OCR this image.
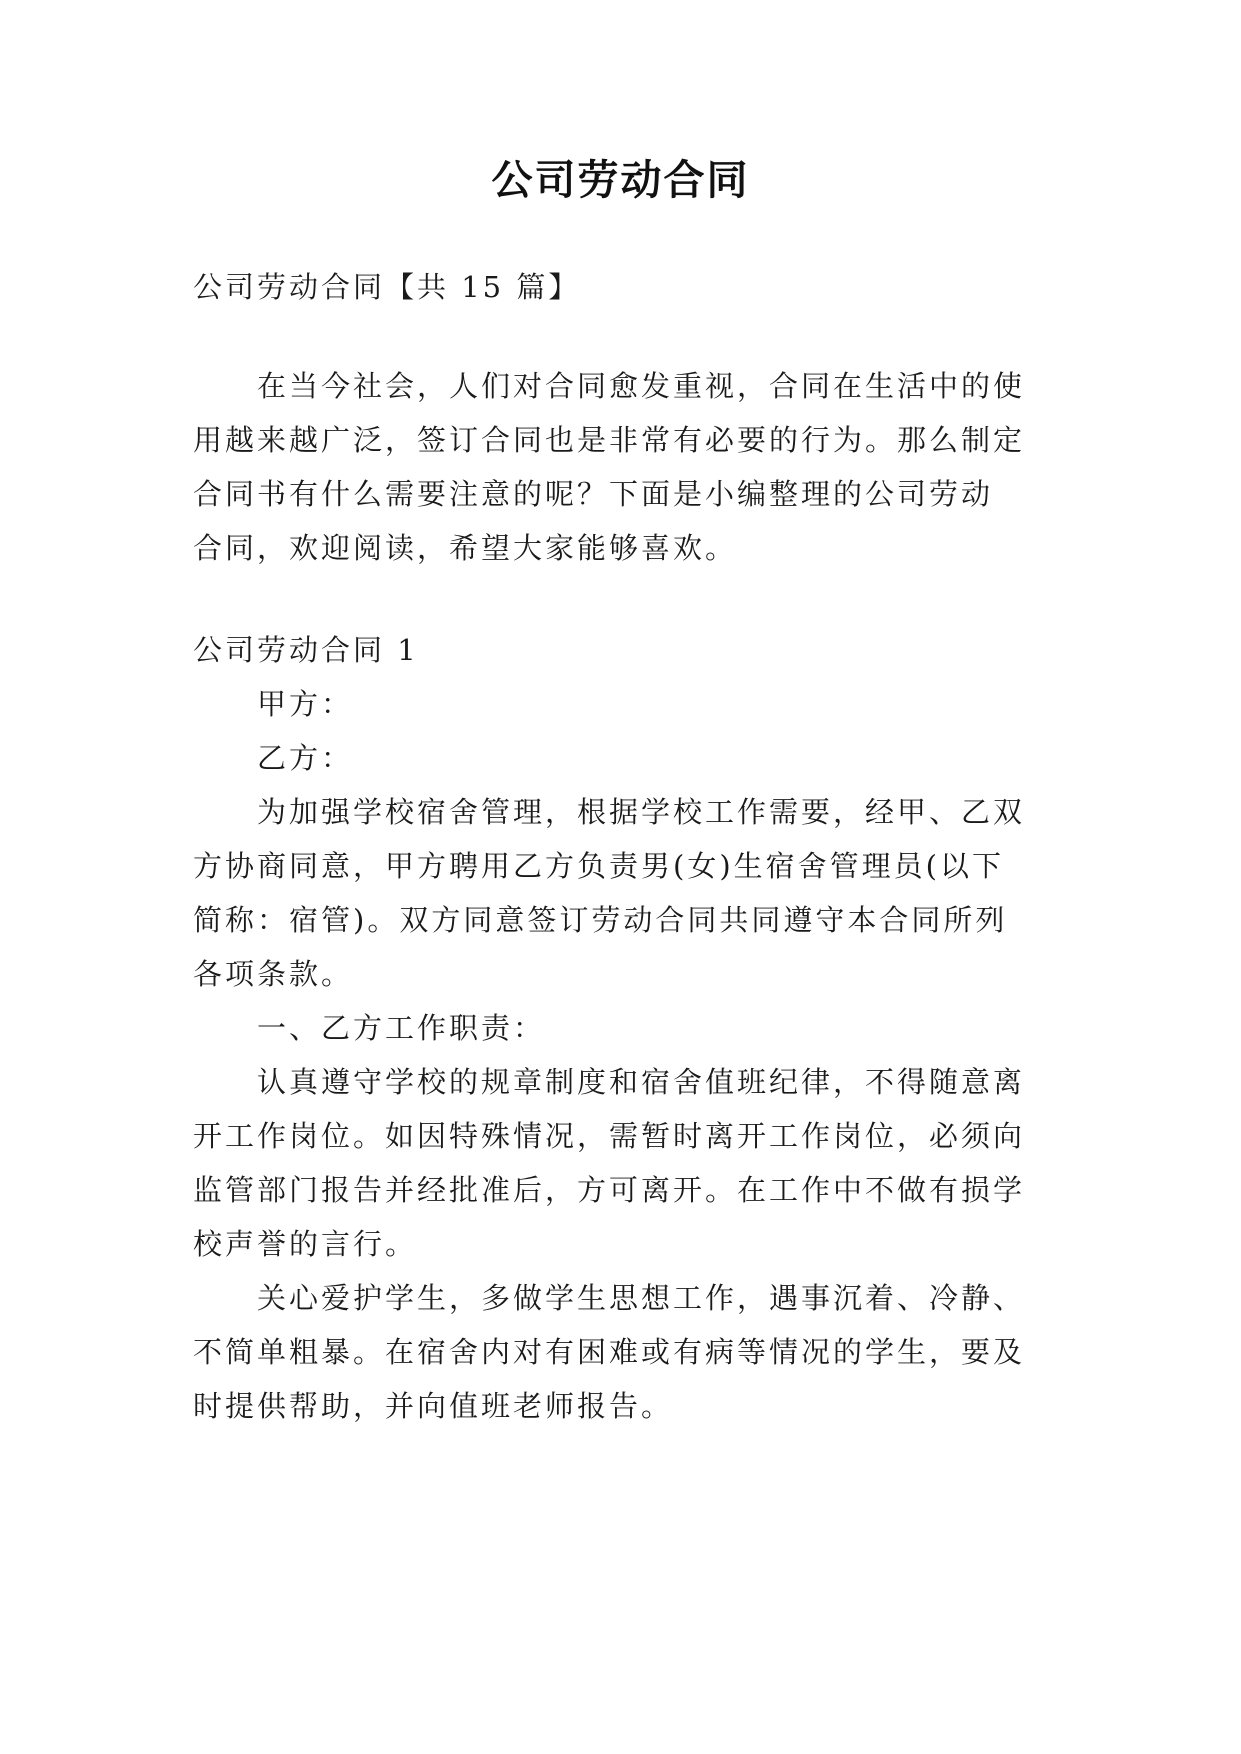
公司劳动合同
公司劳动合同【共 15 篇】
在当今社会，人们对合同愈发重视，合同在生活中的使
用越来越广泛，签订合同也是非常有必要的行为。那么制定
合同书有什么需要注意的呢？下面是小编整理的公司劳动
合同，欢迎阅读，希望大家能够喜欢。
公司劳动合同 1
甲方：
乙方：
为加强学校宿舍管理，根据学校工作需要，经甲、乙双
方协商同意，甲方聘用乙方负责男(女)生宿舍管理员(以下
简称：宿管)。双方同意签订劳动合同共同遵守本合同所列
各项条款。
一、乙方工作职责：
认真遵守学校的规章制度和宿舍值班纪律，不得随意离
开工作岗位。如因特殊情况，需暂时离开工作岗位，必须向
监管部门报告并经批准后，方可离开。在工作中不做有损学
校声誉的言行。
关心爱护学生，多做学生思想工作，遇事沉着、冷静、
不简单粗暴。在宿舍内对有困难或有病等情况的学生，要及
时提供帮助，并向值班老师报告。
